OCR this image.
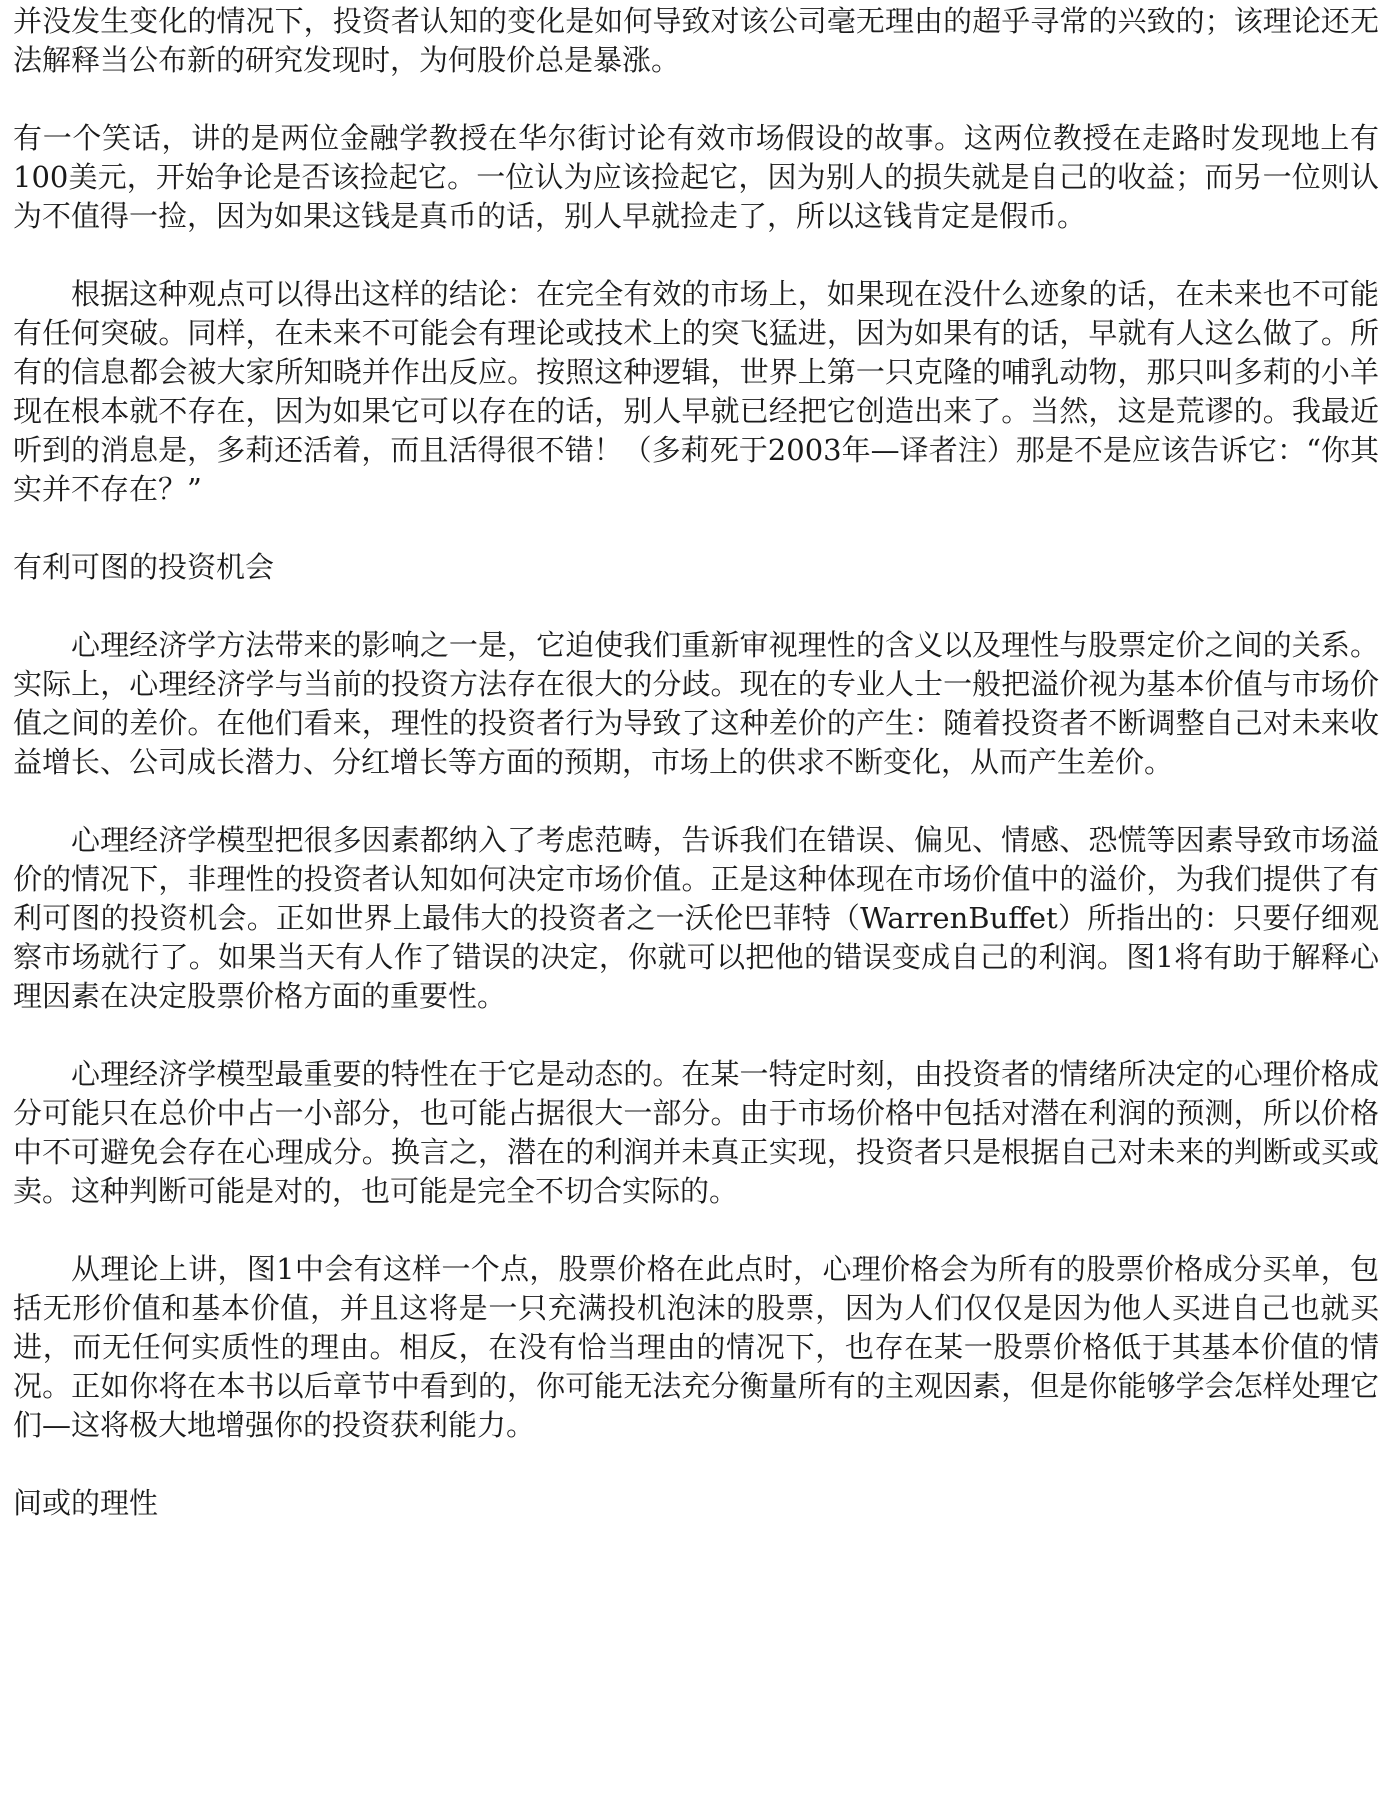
并没发生变化的情况下，投资者认知的变化是如何导致对该公司毫无理由的超乎寻常的兴致的；该理论还无法解释当公布新的研究发现时，为何股价总是暴涨。

有一个笑话，讲的是两位金融学教授在华尔街讨论有效市场假设的故事。这两位教授在走路时发现地上有100美元，开始争论是否该捡起它。一位认为应该捡起它，因为别人的损失就是自己的收益；而另一位则认为不值得一捡，因为如果这钱是真币的话，别人早就捡走了，所以这钱肯定是假币。

根据这种观点可以得出这样的结论：在完全有效的市场上，如果现在没什么迹象的话，在未来也不可能有任何突破。同样，在未来不可能会有理论或技术上的突飞猛进，因为如果有的话，早就有人这么做了。所有的信息都会被大家所知晓并作出反应。按照这种逻辑，世界上第一只克隆的哺乳动物，那只叫多莉的小羊现在根本就不存在，因为如果它可以存在的话，别人早就已经把它创造出来了。当然，这是荒谬的。我最近听到的消息是，多莉还活着，而且活得很不错！（多莉死于2003年—译者注）那是不是应该告诉它：“你其实并不存在？”

有利可图的投资机会

心理经济学方法带来的影响之一是，它迫使我们重新审视理性的含义以及理性与股票定价之间的关系。实际上，心理经济学与当前的投资方法存在很大的分歧。现在的专业人士一般把溢价视为基本价值与市场价值之间的差价。在他们看来，理性的投资者行为导致了这种差价的产生：随着投资者不断调整自己对未来收益增长、公司成长潜力、分红增长等方面的预期，市场上的供求不断变化，从而产生差价。

心理经济学模型把很多因素都纳入了考虑范畴，告诉我们在错误、偏见、情感、恐慌等因素导致市场溢价的情况下，非理性的投资者认知如何决定市场价值。正是这种体现在市场价值中的溢价，为我们提供了有利可图的投资机会。正如世界上最伟大的投资者之一沃伦巴菲特（WarrenBuffet）所指出的：只要仔细观察市场就行了。如果当天有人作了错误的决定，你就可以把他的错误变成自己的利润。图1将有助于解释心理因素在决定股票价格方面的重要性。

心理经济学模型最重要的特性在于它是动态的。在某一特定时刻，由投资者的情绪所决定的心理价格成分可能只在总价中占一小部分，也可能占据很大一部分。由于市场价格中包括对潜在利润的预测，所以价格中不可避免会存在心理成分。换言之，潜在的利润并未真正实现，投资者只是根据自己对未来的判断或买或卖。这种判断可能是对的，也可能是完全不切合实际的。

从理论上讲，图1中会有这样一个点，股票价格在此点时，心理价格会为所有的股票价格成分买单，包括无形价值和基本价值，并且这将是一只充满投机泡沫的股票，因为人们仅仅是因为他人买进自己也就买进，而无任何实质性的理由。相反，在没有恰当理由的情况下，也存在某一股票价格低于其基本价值的情况。正如你将在本书以后章节中看到的，你可能无法充分衡量所有的主观因素，但是你能够学会怎样处理它们—这将极大地增强你的投资获利能力。

间或的理性
